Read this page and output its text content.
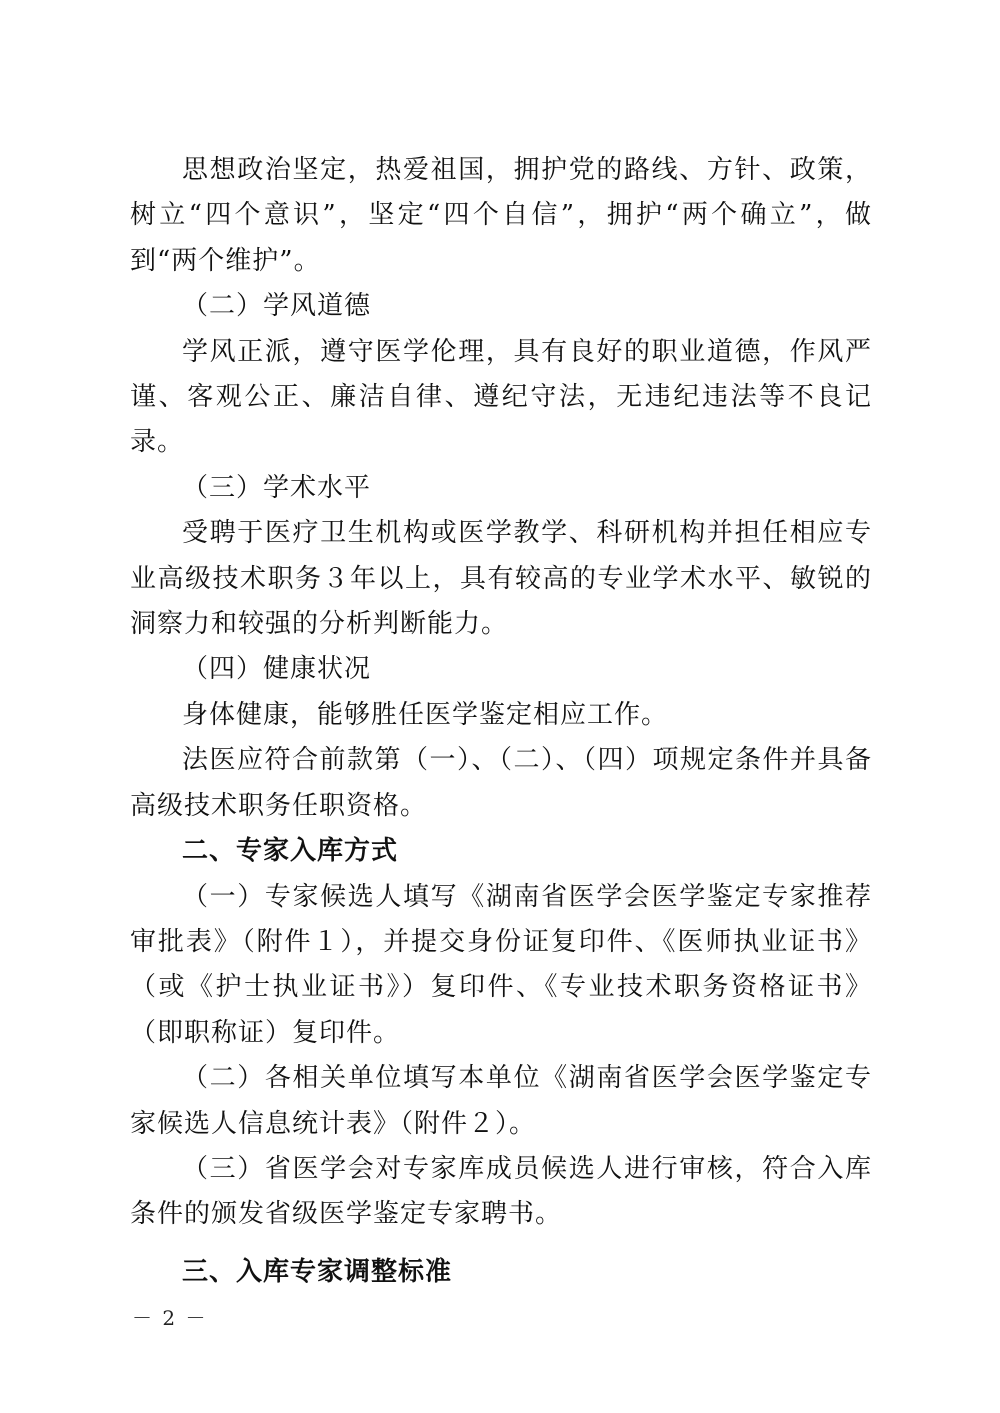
思想政治坚定，热爱祖国，拥护党的路线、方针、政策，树立“四个意识”，坚定“四个自信”，拥护“两个确立”，做到“两个维护”。

（二）学风道德

学风正派，遵守医学伦理，具有良好的职业道德，作风严谨、客观公正、廉洁自律、遵纪守法，无违纪违法等不良记录。

（三）学术水平

受聘于医疗卫生机构或医学教学、科研机构并担任相应专业高级技术职务３年以上，具有较高的专业学术水平、敏锐的洞察力和较强的分析判断能力。

（四）健康状况

身体健康，能够胜任医学鉴定相应工作。

法医应符合前款第（一）、（二）、（四）项规定条件并具备高级技术职务任职资格。

二、专家入库方式

（一）专家候选人填写《湖南省医学会医学鉴定专家推荐审批表》（附件１），并提交身份证复印件、《医师执业证书》（或《护士执业证书》）复印件、《专业技术职务资格证书》（即职称证）复印件。

（二）各相关单位填写本单位《湖南省医学会医学鉴定专家候选人信息统计表》（附件２）。

（三）省医学会对专家库成员候选人进行审核，符合入库条件的颁发省级医学鉴定专家聘书。

三、入库专家调整标准

－ 2 －
